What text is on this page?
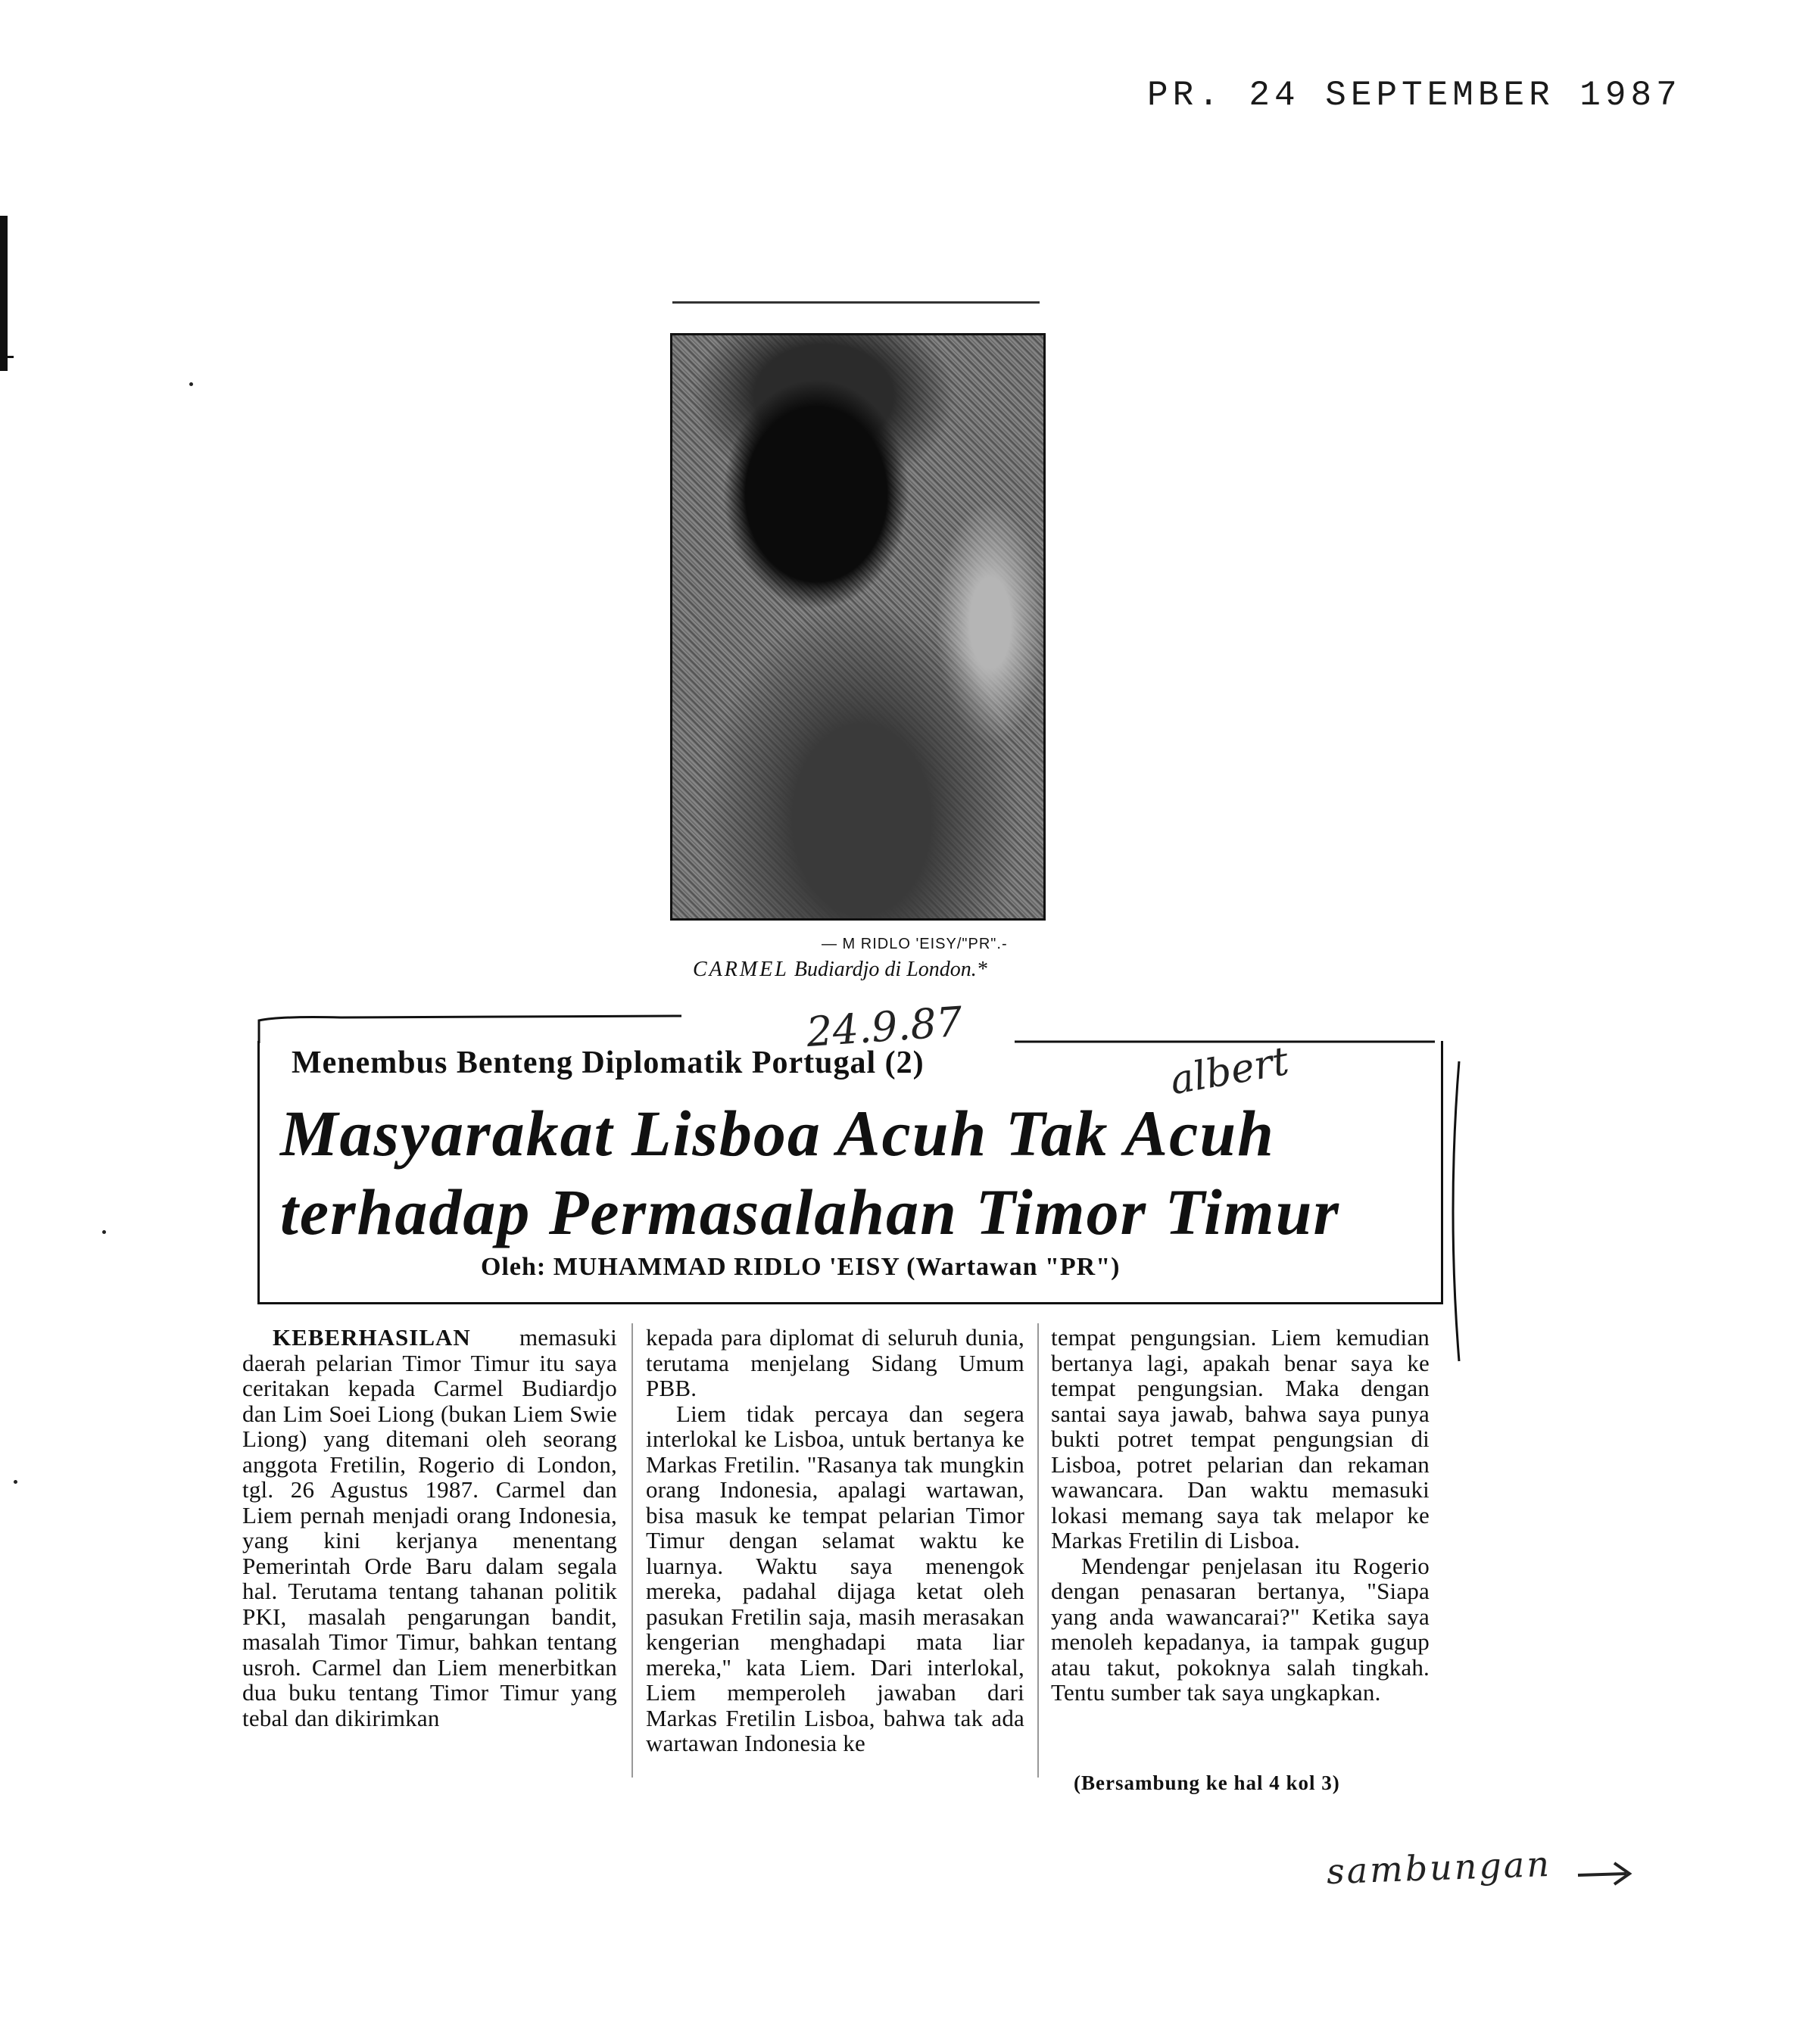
PR. 24 SEPTEMBER 1987
— M RIDLO 'EISY/"PR".-
CARMEL Budiardjo di London.*
24.9.87
albert
sambungan
Menembus Benteng Diplomatik Portugal (2)
Masyarakat Lisboa Acuh Tak Acuh terhadap Permasalahan Timor Timur
Oleh: MUHAMMAD RIDLO 'EISY (Wartawan "PR")

KEBERHASILAN memasuki daerah pelarian Timor Timur itu saya ceritakan kepada Carmel Budiardjo dan Lim Soei Liong (bukan Liem Swie Liong) yang ditemani oleh seorang anggota Fretilin, Rogerio di London, tgl. 26 Agustus 1987. Carmel dan Liem pernah menjadi orang Indonesia, yang kini kerjanya menentang Pemerintah Orde Baru dalam segala hal. Terutama tentang tahanan politik PKI, masalah pengarungan bandit, masalah Timor Timur, bahkan tentang usroh. Carmel dan Liem menerbitkan dua buku tentang Timor Timur yang tebal dan dikirimkan

kepada para diplomat di seluruh dunia, terutama menjelang Sidang Umum PBB.

Liem tidak percaya dan segera interlokal ke Lisboa, untuk bertanya ke Markas Fretilin. "Rasanya tak mungkin orang Indonesia, apalagi wartawan, bisa masuk ke tempat pelarian Timor Timur dengan selamat waktu ke luarnya. Waktu saya menengok mereka, padahal dijaga ketat oleh pasukan Fretilin saja, masih merasakan kengerian menghadapi mata liar mereka," kata Liem. Dari interlokal, Liem memperoleh jawaban dari Markas Fretilin Lisboa, bahwa tak ada wartawan Indonesia ke

tempat pengungsian. Liem kemudian bertanya lagi, apakah benar saya ke tempat pengungsian. Maka dengan santai saya jawab, bahwa saya punya bukti potret tempat pengungsian di Lisboa, potret pelarian dan rekaman wawancara. Dan waktu memasuki lokasi memang saya tak melapor ke Markas Fretilin di Lisboa.

Mendengar penjelasan itu Rogerio dengan penasaran bertanya, "Siapa yang anda wawancarai?" Ketika saya menoleh kepadanya, ia tampak gugup atau takut, pokoknya salah tingkah. Tentu sumber tak saya ungkapkan.

(Bersambung ke hal 4 kol 3)
